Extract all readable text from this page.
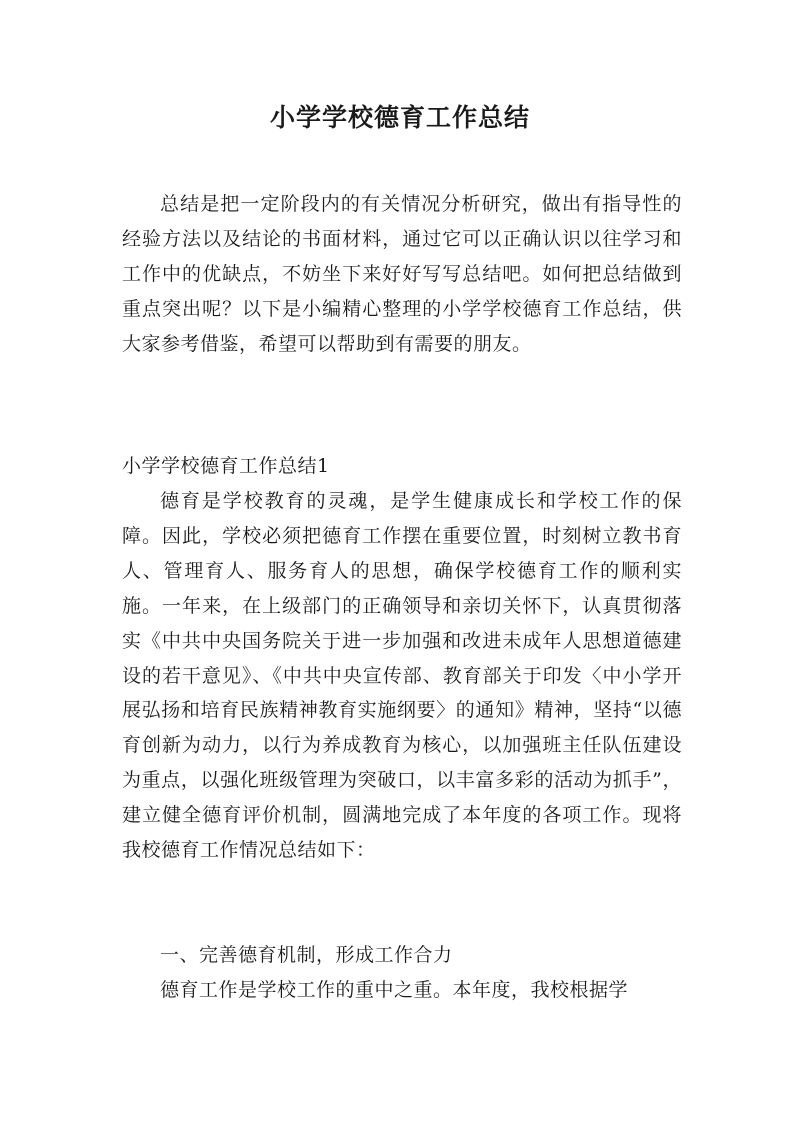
小学学校德育工作总结

总结是把一定阶段内的有关情况分析研究，做出有指导性的经验方法以及结论的书面材料，通过它可以正确认识以往学习和工作中的优缺点，不妨坐下来好好写写总结吧。如何把总结做到重点突出呢？以下是小编精心整理的小学学校德育工作总结，供大家参考借鉴，希望可以帮助到有需要的朋友。

小学学校德育工作总结1

德育是学校教育的灵魂，是学生健康成长和学校工作的保障。因此，学校必须把德育工作摆在重要位置，时刻树立教书育人、管理育人、服务育人的思想，确保学校德育工作的顺利实施。一年来，在上级部门的正确领导和亲切关怀下，认真贯彻落实《中共中央国务院关于进一步加强和改进未成年人思想道德建设的若干意见》、《中共中央宣传部、教育部关于印发〈中小学开展弘扬和培育民族精神教育实施纲要〉的通知》精神，坚持“以德育创新为动力，以行为养成教育为核心，以加强班主任队伍建设为重点，以强化班级管理为突破口，以丰富多彩的活动为抓手”，建立健全德育评价机制，圆满地完成了本年度的各项工作。现将我校德育工作情况总结如下：

一、完善德育机制，形成工作合力

德育工作是学校工作的重中之重。本年度，我校根据学
